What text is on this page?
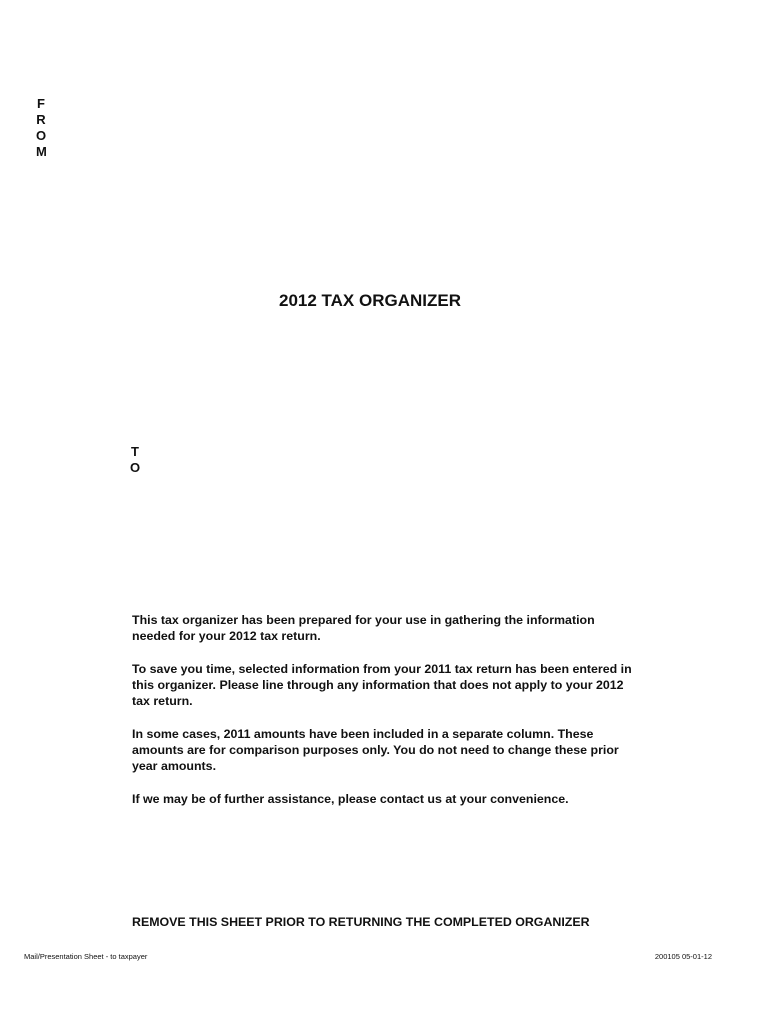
F
R
O
M
2012 TAX ORGANIZER
T
O

This tax organizer has been prepared for your use in gathering the information needed for your 2012 tax return.

To save you time, selected information from your 2011 tax return has been entered in this organizer. Please line through any information that does not apply to your 2012 tax return.

In some cases, 2011 amounts have been included in a separate column. These amounts are for comparison purposes only. You do not need to change these prior year amounts.

If we may be of further assistance, please contact us at your convenience.

REMOVE THIS SHEET PRIOR TO RETURNING THE COMPLETED ORGANIZER
Mail/Presentation Sheet - to taxpayer	200105 05-01-12
